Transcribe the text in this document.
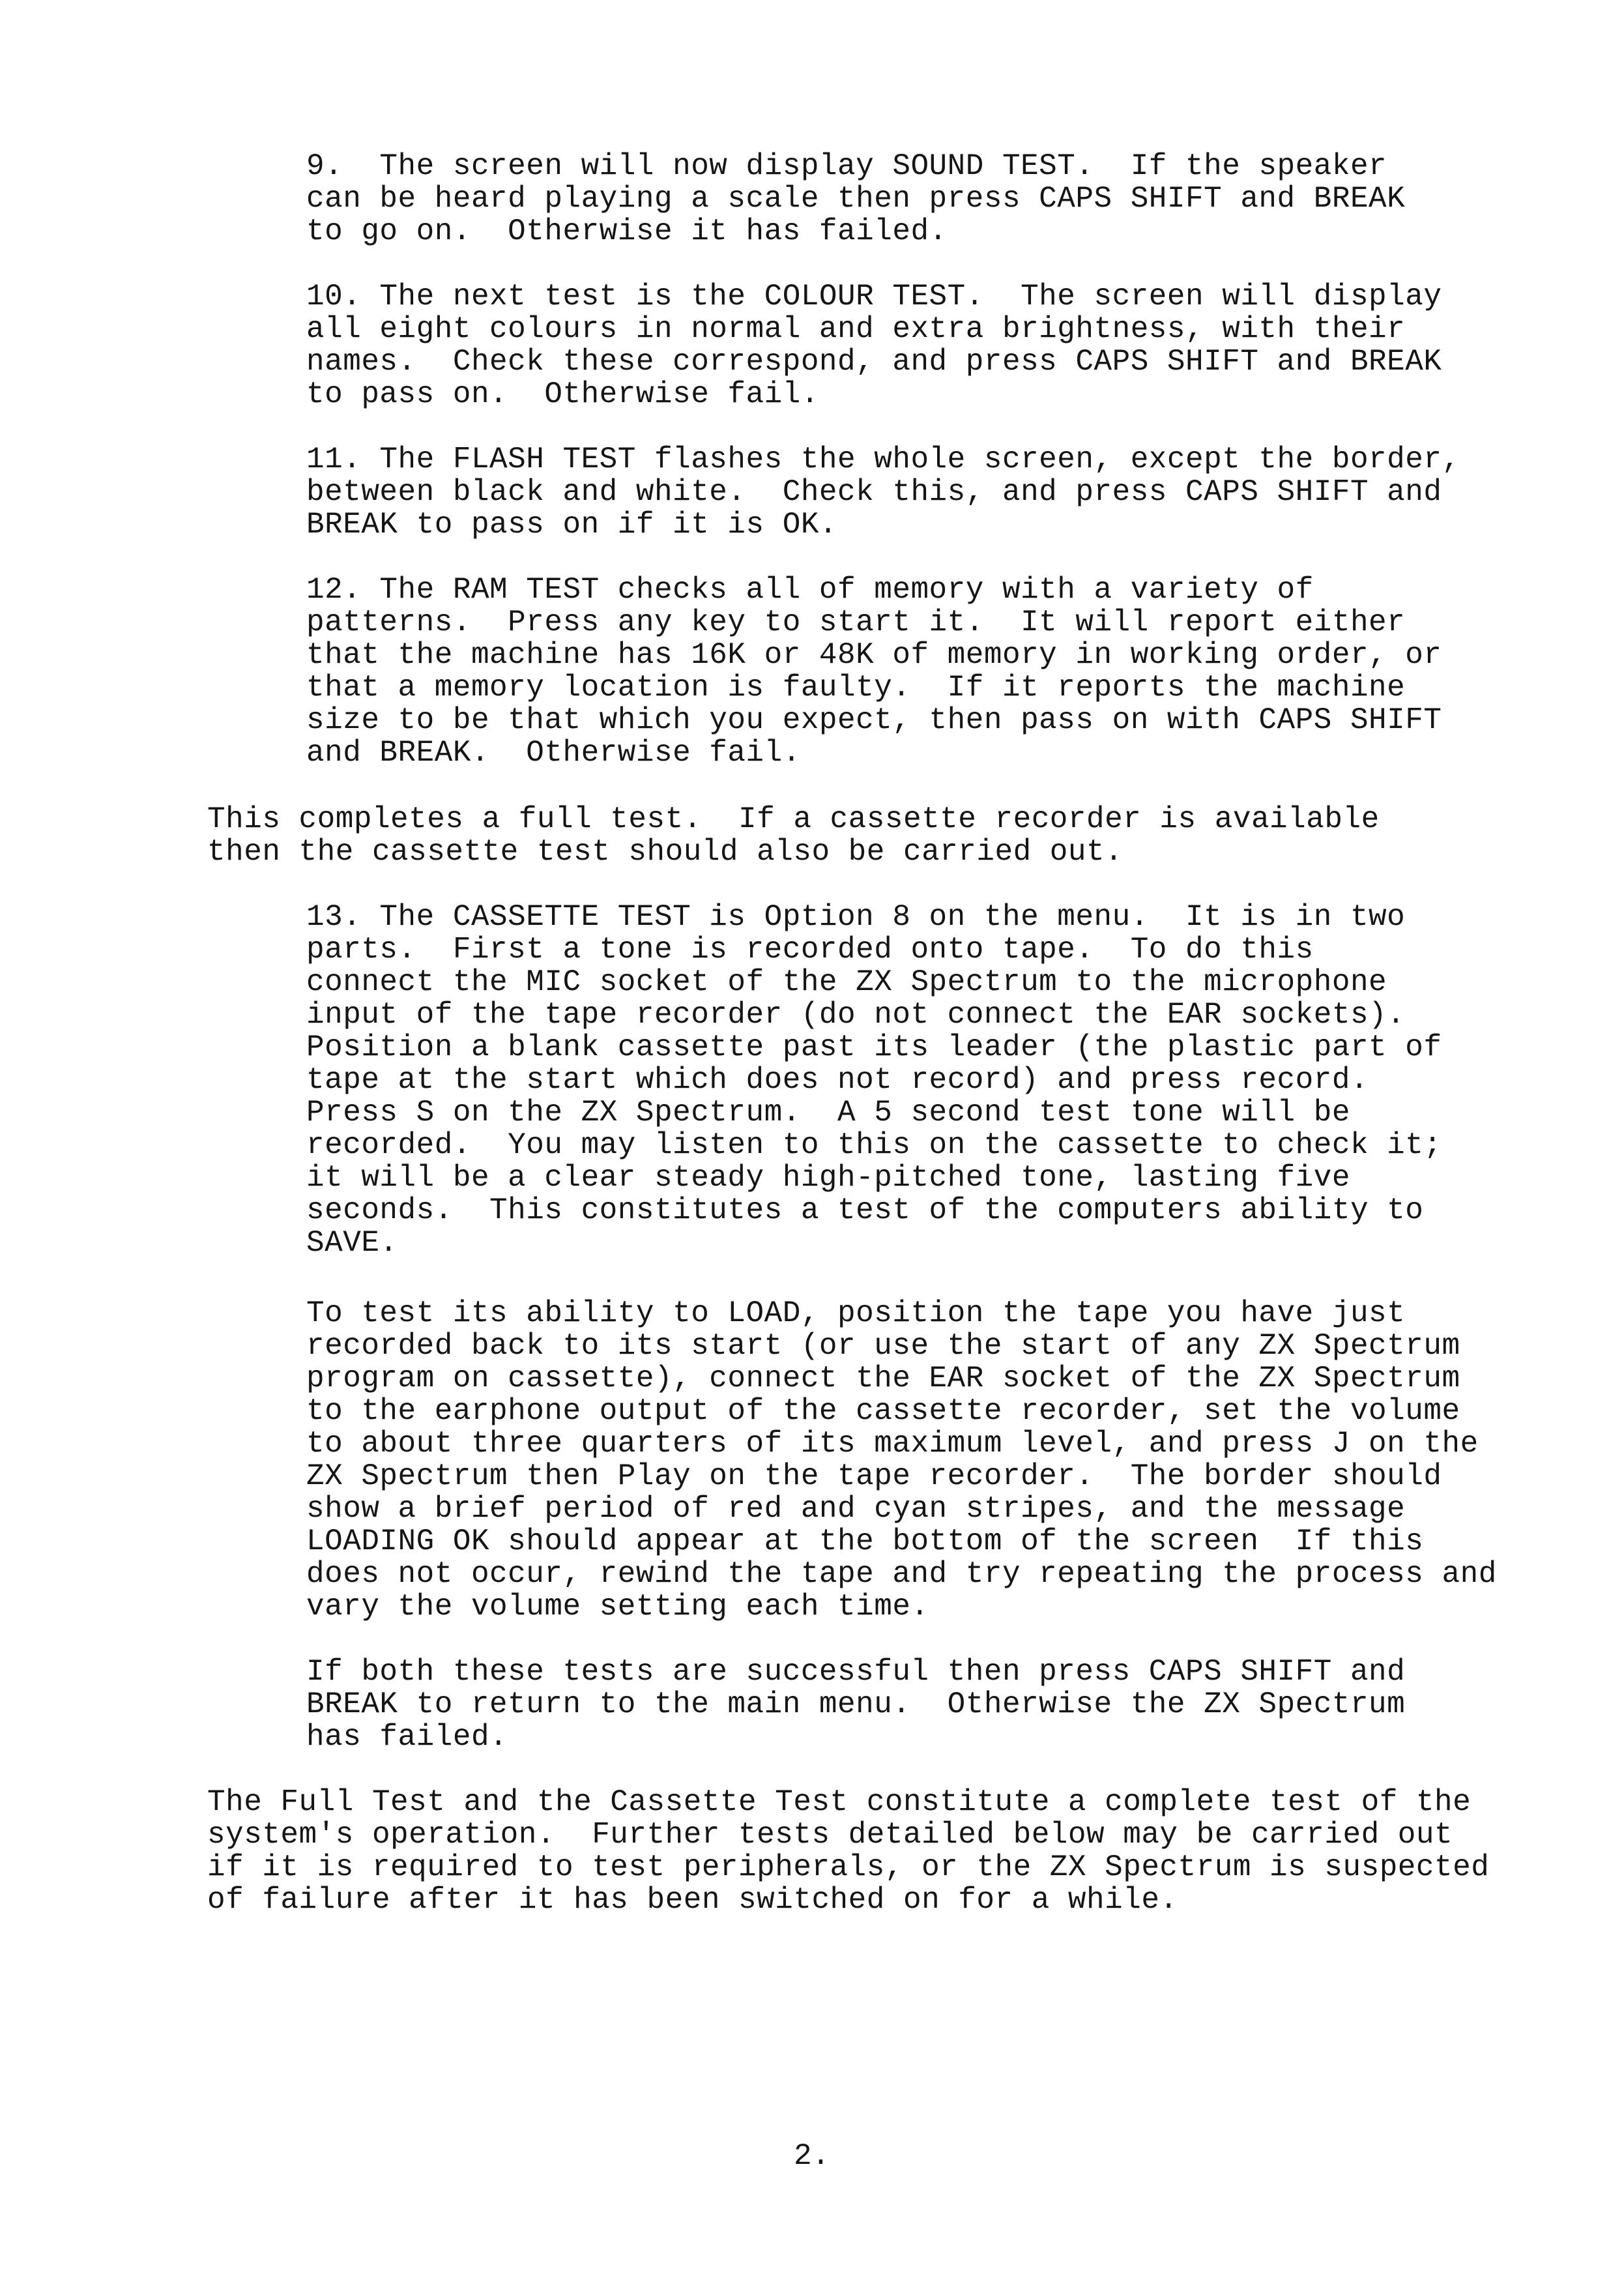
9.  The screen will now display SOUND TEST.  If the speaker
can be heard playing a scale then press CAPS SHIFT and BREAK
to go on.  Otherwise it has failed.

10. The next test is the COLOUR TEST.  The screen will display
all eight colours in normal and extra brightness, with their
names.  Check these correspond, and press CAPS SHIFT and BREAK
to pass on.  Otherwise fail.

11. The FLASH TEST flashes the whole screen, except the border,
between black and white.  Check this, and press CAPS SHIFT and
BREAK to pass on if it is OK.

12. The RAM TEST checks all of memory with a variety of
patterns.  Press any key to start it.  It will report either
that the machine has 16K or 48K of memory in working order, or
that a memory location is faulty.  If it reports the machine
size to be that which you expect, then pass on with CAPS SHIFT
and BREAK.  Otherwise fail.

This completes a full test.  If a cassette recorder is available
then the cassette test should also be carried out.

13. The CASSETTE TEST is Option 8 on the menu.  It is in two
parts.  First a tone is recorded onto tape.  To do this
connect the MIC socket of the ZX Spectrum to the microphone
input of the tape recorder (do not connect the EAR sockets).
Position a blank cassette past its leader (the plastic part of
tape at the start which does not record) and press record.
Press S on the ZX Spectrum.  A 5 second test tone will be
recorded.  You may listen to this on the cassette to check it;
it will be a clear steady high-pitched tone, lasting five
seconds.  This constitutes a test of the computers ability to
SAVE.

To test its ability to LOAD, position the tape you have just
recorded back to its start (or use the start of any ZX Spectrum
program on cassette), connect the EAR socket of the ZX Spectrum
to the earphone output of the cassette recorder, set the volume
to about three quarters of its maximum level, and press J on the
ZX Spectrum then Play on the tape recorder.  The border should
show a brief period of red and cyan stripes, and the message
LOADING OK should appear at the bottom of the screen  If this
does not occur, rewind the tape and try repeating the process and
vary the volume setting each time.

If both these tests are successful then press CAPS SHIFT and
BREAK to return to the main menu.  Otherwise the ZX Spectrum
has failed.

The Full Test and the Cassette Test constitute a complete test of the
system's operation.  Further tests detailed below may be carried out
if it is required to test peripherals, or the ZX Spectrum is suspected
of failure after it has been switched on for a while.

2.
